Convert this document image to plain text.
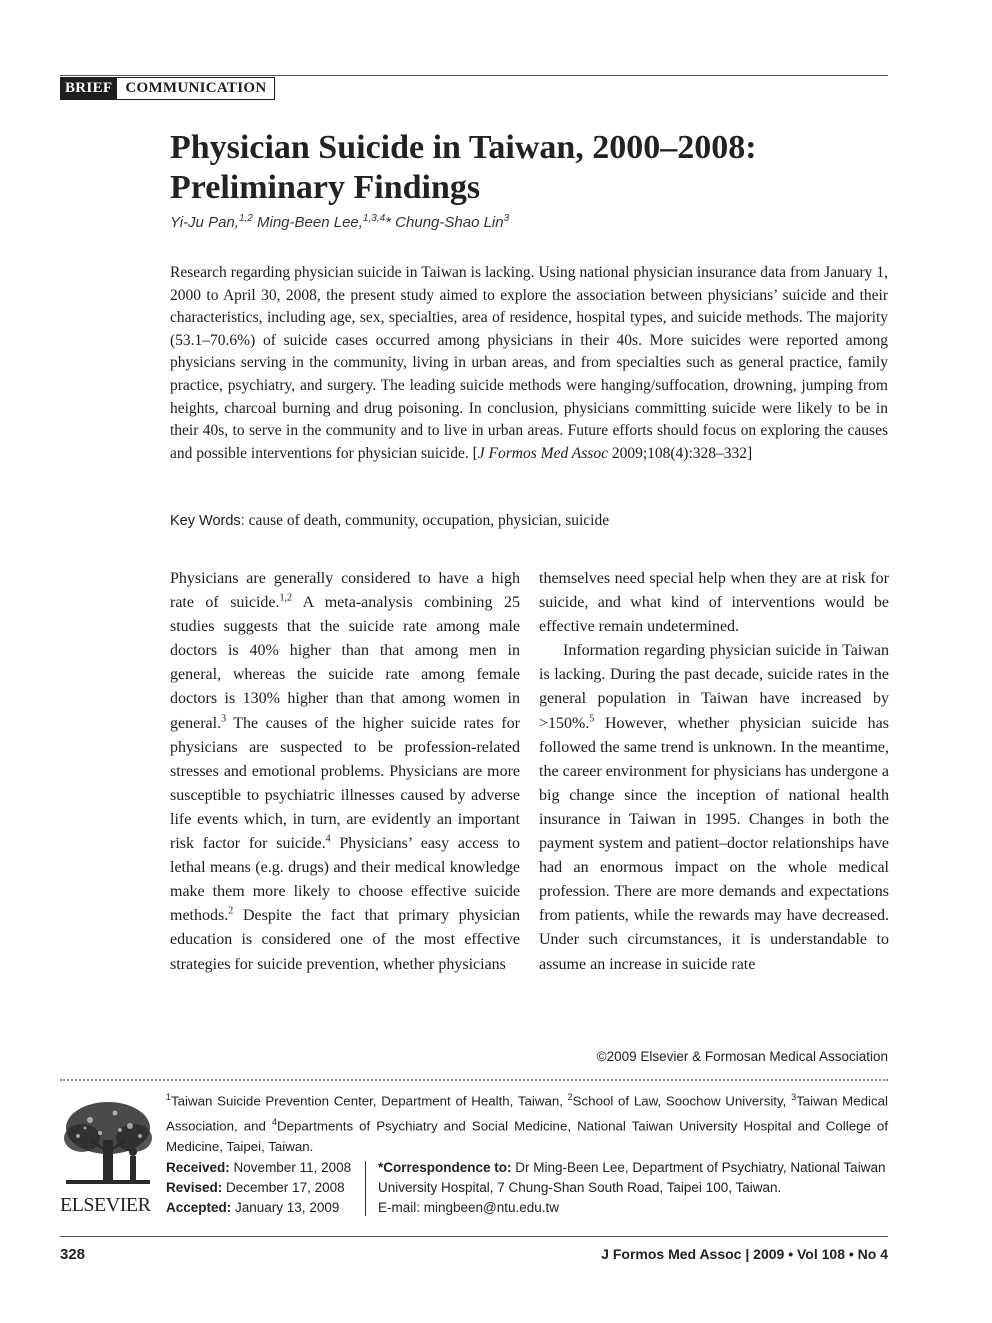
BRIEF COMMUNICATION
Physician Suicide in Taiwan, 2000–2008: Preliminary Findings
Yi-Ju Pan,$^{1,2}$ Ming-Been Lee,$^{1,3,4}$* Chung-Shao Lin$^3$
Research regarding physician suicide in Taiwan is lacking. Using national physician insurance data from January 1, 2000 to April 30, 2008, the present study aimed to explore the association between physicians’ suicide and their characteristics, including age, sex, specialties, area of residence, hospital types, and suicide methods. The majority (53.1–70.6%) of suicide cases occurred among physicians in their 40s. More suicides were reported among physicians serving in the community, living in urban areas, and from specialties such as general practice, family practice, psychiatry, and surgery. The leading suicide methods were hanging/suffocation, drowning, jumping from heights, charcoal burning and drug poisoning. In conclusion, physicians committing suicide were likely to be in their 40s, to serve in the community and to live in urban areas. Future efforts should focus on exploring the causes and possible interventions for physician suicide. [J Formos Med Assoc 2009;108(4):328–332]
Key Words: cause of death, community, occupation, physician, suicide

Physicians are generally considered to have a high rate of suicide.$^{1,2}$ A meta-analysis combining 25 studies suggests that the suicide rate among male doctors is 40% higher than that among men in general, whereas the suicide rate among female doctors is 130% higher than that among women in general.$^3$ The causes of the higher suicide rates for physicians are suspected to be profession-related stresses and emotional problems. Physicians are more susceptible to psychiatric illnesses caused by adverse life events which, in turn, are evidently an important risk factor for suicide.$^4$ Physicians’ easy access to lethal means (e.g. drugs) and their medical knowledge make them more likely to choose effective suicide methods.$^2$ Despite the fact that primary physician education is considered one of the most effective strategies for suicide prevention, whether physicians

themselves need special help when they are at risk for suicide, and what kind of interventions would be effective remain undetermined.

Information regarding physician suicide in Taiwan is lacking. During the past decade, suicide rates in the general population in Taiwan have increased by >150%.$^5$ However, whether physician suicide has followed the same trend is unknown. In the meantime, the career environment for physicians has undergone a big change since the inception of national health insurance in Taiwan in 1995. Changes in both the payment system and patient–doctor relationships have had an enormous impact on the whole medical profession. There are more demands and expectations from patients, while the rewards may have decreased. Under such circumstances, it is understandable to assume an increase in suicide rate

©2009 Elsevier & Formosan Medical Association
ELSEVIER
$^1$Taiwan Suicide Prevention Center, Department of Health, Taiwan, $^2$School of Law, Soochow University, $^3$Taiwan Medical Association, and $^4$Departments of Psychiatry and Social Medicine, National Taiwan University Hospital and College of Medicine, Taipei, Taiwan.
Received: November 11, 2008
Revised: December 17, 2008
Accepted: January 13, 2009
*Correspondence to: Dr Ming-Been Lee, Department of Psychiatry, National Taiwan University Hospital, 7 Chung-Shan South Road, Taipei 100, Taiwan.
E-mail: mingbeen@ntu.edu.tw
328	J Formos Med Assoc | 2009 • Vol 108 • No 4
